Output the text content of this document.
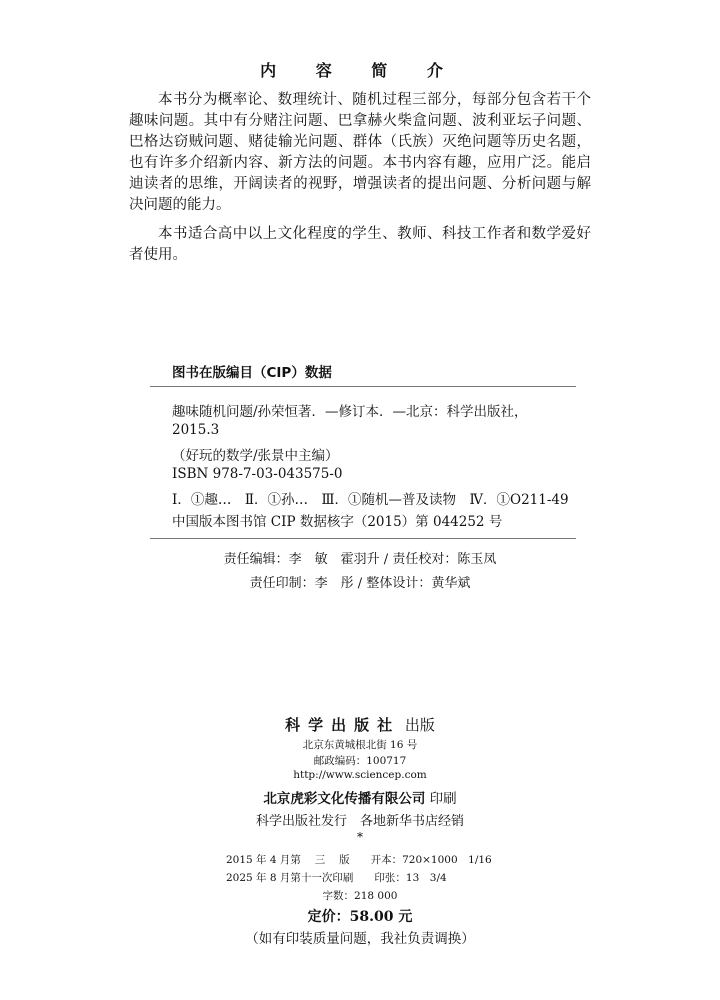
内 容 简 介

本书分为概率论、数理统计、随机过程三部分，每部分包含若干个趣味问题。其中有分赌注问题、巴拿赫火柴盒问题、波利亚坛子问题、巴格达窃贼问题、赌徒输光问题、群体（氏族）灭绝问题等历史名题，也有许多介绍新内容、新方法的问题。本书内容有趣，应用广泛。能启迪读者的思维，开阔读者的视野，增强读者的提出问题、分析问题与解决问题的能力。

本书适合高中以上文化程度的学生、教师、科技工作者和数学爱好者使用。

图书在版编目（CIP）数据
趣味随机问题/孙荣恒著．—修订本．—北京：科学出版社，
2015.3
（好玩的数学/张景中主编）
ISBN 978-7-03-043575-0
Ⅰ．①趣…　Ⅱ．①孙…　Ⅲ．①随机—普及读物　Ⅳ．①O211-49
中国版本图书馆 CIP 数据核字（2015）第 044252 号
责任编辑：李　敏　霍羽升 / 责任校对：陈玉凤
责任印制：李　彤 / 整体设计：黄华斌
科学出版社 出版
北京东黄城根北街 16 号
邮政编码：100717
http://www.sciencep.com
北京虎彩文化传播有限公司 印刷
科学出版社发行　各地新华书店经销
*
2015 年 4 月第　 三　 版　　开本：720×1000　1/16
2025 年 8 月第十一次印刷　　印张：13　3/4
字数：218 000
定价：58.00 元
（如有印装质量问题，我社负责调换）
